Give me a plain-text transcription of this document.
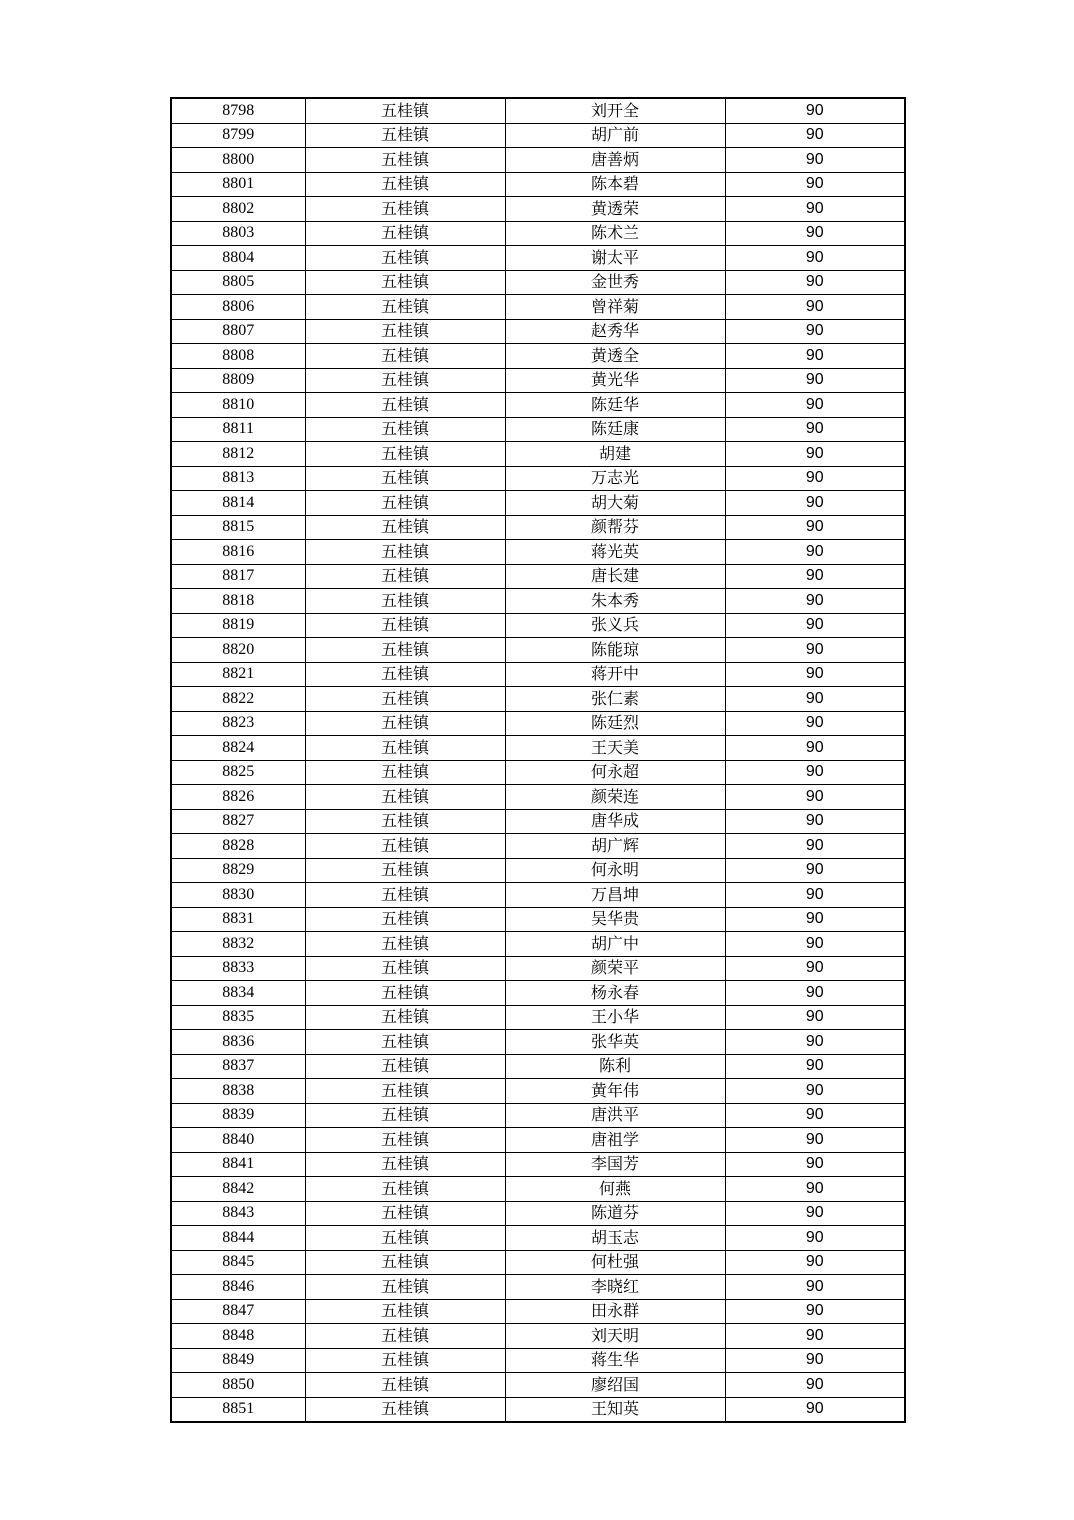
8798	五桂镇	刘开全	90
8799	五桂镇	胡广前	90
8800	五桂镇	唐善炳	90
8801	五桂镇	陈本碧	90
8802	五桂镇	黄透荣	90
8803	五桂镇	陈术兰	90
8804	五桂镇	谢太平	90
8805	五桂镇	金世秀	90
8806	五桂镇	曾祥菊	90
8807	五桂镇	赵秀华	90
8808	五桂镇	黄透全	90
8809	五桂镇	黄光华	90
8810	五桂镇	陈廷华	90
8811	五桂镇	陈廷康	90
8812	五桂镇	胡建	90
8813	五桂镇	万志光	90
8814	五桂镇	胡大菊	90
8815	五桂镇	颜帮芬	90
8816	五桂镇	蒋光英	90
8817	五桂镇	唐长建	90
8818	五桂镇	朱本秀	90
8819	五桂镇	张义兵	90
8820	五桂镇	陈能琼	90
8821	五桂镇	蒋开中	90
8822	五桂镇	张仁素	90
8823	五桂镇	陈廷烈	90
8824	五桂镇	王天美	90
8825	五桂镇	何永超	90
8826	五桂镇	颜荣连	90
8827	五桂镇	唐华成	90
8828	五桂镇	胡广辉	90
8829	五桂镇	何永明	90
8830	五桂镇	万昌坤	90
8831	五桂镇	吴华贵	90
8832	五桂镇	胡广中	90
8833	五桂镇	颜荣平	90
8834	五桂镇	杨永春	90
8835	五桂镇	王小华	90
8836	五桂镇	张华英	90
8837	五桂镇	陈利	90
8838	五桂镇	黄年伟	90
8839	五桂镇	唐洪平	90
8840	五桂镇	唐祖学	90
8841	五桂镇	李国芳	90
8842	五桂镇	何燕	90
8843	五桂镇	陈道芬	90
8844	五桂镇	胡玉志	90
8845	五桂镇	何杜强	90
8846	五桂镇	李晓红	90
8847	五桂镇	田永群	90
8848	五桂镇	刘天明	90
8849	五桂镇	蒋生华	90
8850	五桂镇	廖绍国	90
8851	五桂镇	王知英	90
